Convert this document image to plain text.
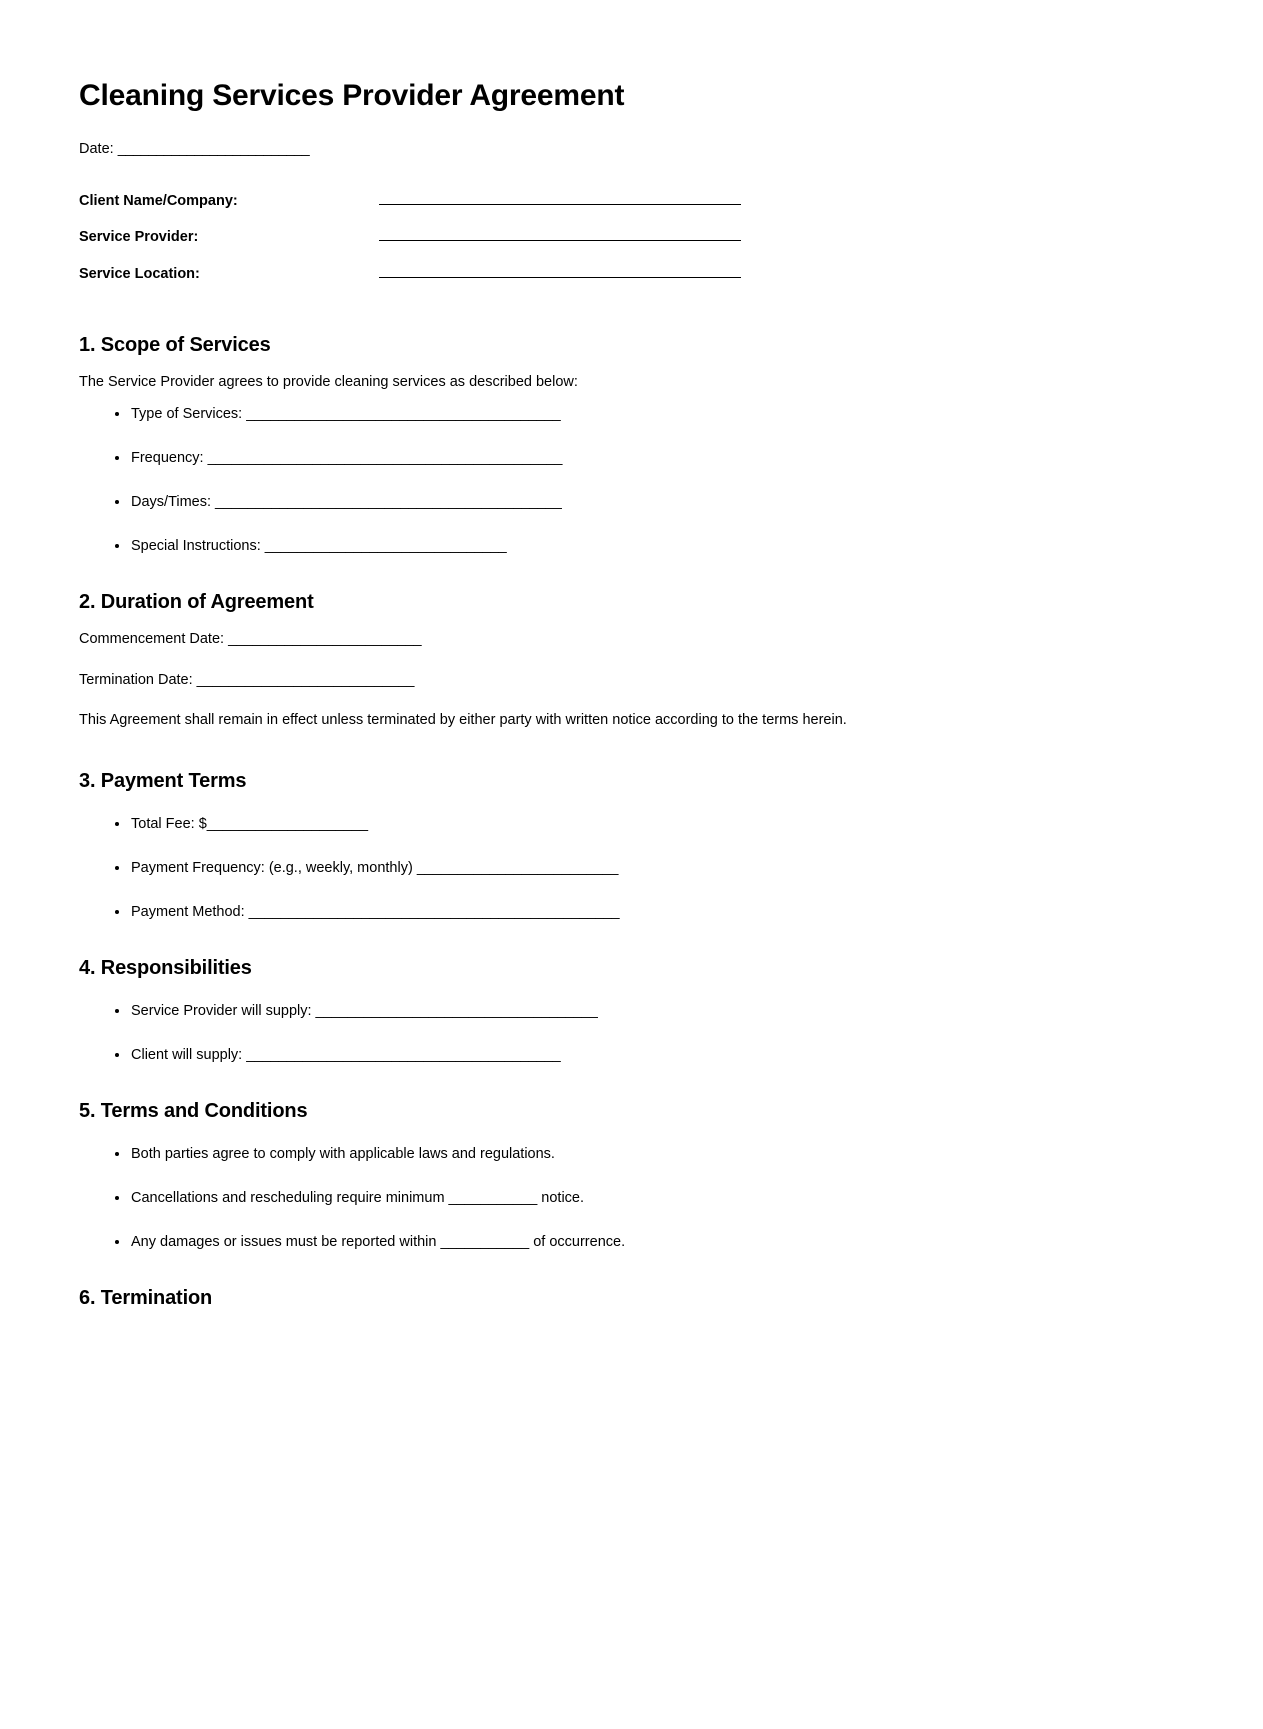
Cleaning Services Provider Agreement
Date: _________________________
Client Name/Company:
Service Provider:
Service Location:
1. Scope of Services

The Service Provider agrees to provide cleaning services as described below:

Type of Services: _______________________________________
Frequency: ____________________________________________
Days/Times: ___________________________________________
Special Instructions: ______________________________
2. Duration of Agreement

Commencement Date: ________________________

Termination Date: ___________________________

This Agreement shall remain in effect unless terminated by either party with written notice according to the terms herein.

3. Payment Terms
Total Fee: $____________________
Payment Frequency: (e.g., weekly, monthly) _________________________
Payment Method: ______________________________________________
4. Responsibilities
Service Provider will supply: ___________________________________
Client will supply: _______________________________________
5. Terms and Conditions
Both parties agree to comply with applicable laws and regulations.
Cancellations and rescheduling require minimum ___________ notice.
Any damages or issues must be reported within ___________ of occurrence.
6. Termination
